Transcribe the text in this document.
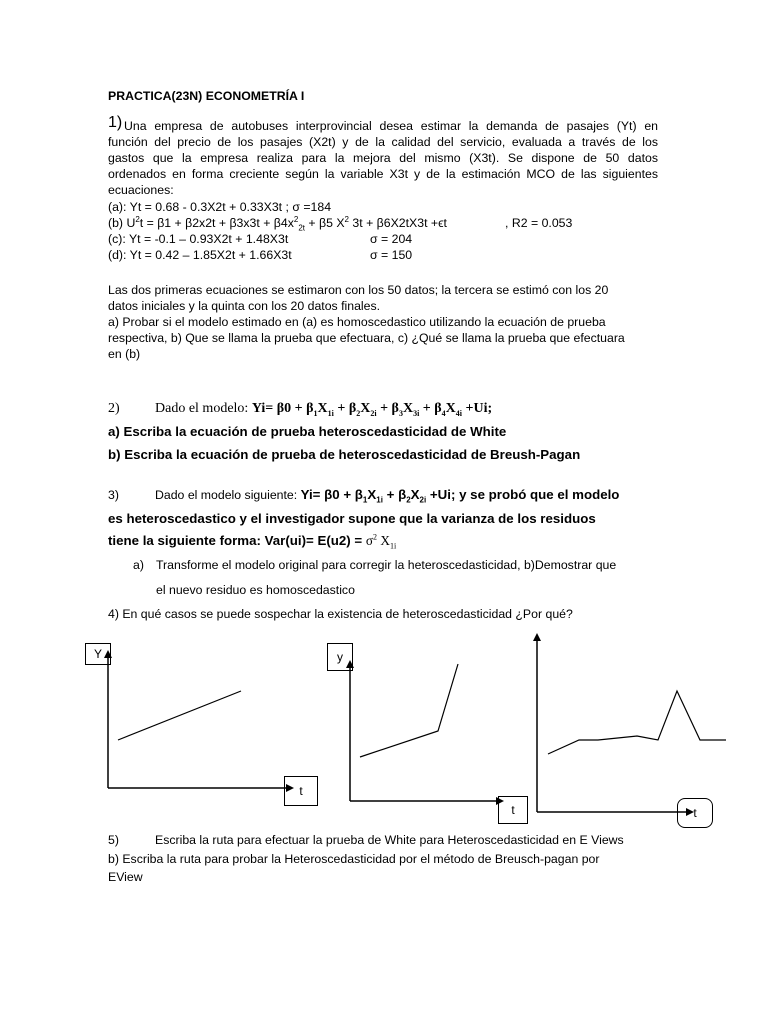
PRACTICA(23N) ECONOMETRÍA I
1) Una empresa de autobuses interprovincial desea estimar la demanda de pasajes (Yt) en
función del precio de los pasajes (X2t) y de la calidad del servicio, evaluada a través de los
gastos que la empresa realiza para la mejora del mismo (X3t). Se dispone de 50 datos
ordenados en forma creciente según la variable X3t y de la estimación MCO de las siguientes
ecuaciones:
(a): Yt = 0.68 - 0.3X2t + 0.33X3t ; σ =184
(b) $U^2t = \beta 1 + \beta 2x2t + \beta 3x3t + \beta 4x^2_{2t} + \beta 5$ $X^2$ 3t + β6X2tX3t +ϵt	, R2 = 0.053
(c): Yt = -0.1 – 0.93X2t + 1.48X3t	σ = 204
(d): Yt = 0.42 – 1.85X2t + 1.66X3t	σ = 150
Las dos primeras ecuaciones se estimaron con los 50 datos; la tercera se estimó con los 20
datos iniciales y la quinta con los 20 datos finales.
a) Probar si el modelo estimado en (a) es homoscedastico utilizando la ecuación de prueba
respectiva, b) Que se llama la prueba que efectuara, c) ¿Qué se llama la prueba que efectuara
en (b)
2)	Dado el modelo: $Yi= \beta 0 + \beta_1X_{1i} + \beta_2X_{2i} + \beta_3X_{3i} + \beta_4X_{4i} +Ui$;
a) Escriba la ecuación de prueba heteroscedasticidad de White
b) Escriba la ecuación de prueba de heteroscedasticidad de Breush-Pagan
3)	Dado el modelo siguiente: $Yi= \beta 0 + \beta_1X_{1i} + \beta_2X_{2i} +Ui$; y se probó que el modelo
es heteroscedastico y el investigador supone que la varianza de los residuos
tiene la siguiente forma: $Var(ui)= E(u2) = \sigma^2$ $X_{1i}$
a) Transforme el modelo original para corregir la heteroscedasticidad, b)Demostrar que
el nuevo residuo es homoscedastico
4) En qué casos se puede sospechar la existencia de heteroscedasticidad ¿Por qué?
Y
t
y
t	t
5)	Escriba la ruta para efectuar la prueba de White para Heteroscedasticidad en E Views
b) Escriba la ruta para probar la Heteroscedasticidad por el método de Breusch-pagan por
EView
